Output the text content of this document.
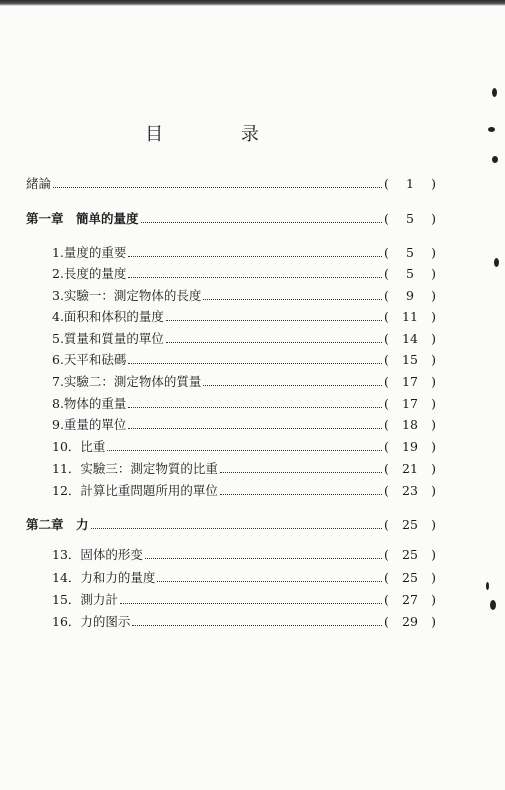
目 录
緒論	(	1	)
第一章　簡单的量度	(	5	)
1.量度的重要	(	5	)
2.長度的量度	(	5	)
3.实驗一：測定物体的長度	(	9	)
4.面积和体积的量度	(	11	)
5.質量和質量的單位	(	14	)
6.天平和砝碼	(	15	)
7.实驗二：測定物体的質量	(	17	)
8.物体的重量	(	17	)
9.重量的單位	(	18	)
10．比重	(	19	)
11．实驗三：測定物質的比重	(	21	)
12．計算比重問題所用的單位	(	23	)
第二章　力	(	25	)
13．固体的形变	(	25	)
14．力和力的量度	(	25	)
15．測力計	(	27	)
16．力的图示	(	29	)
